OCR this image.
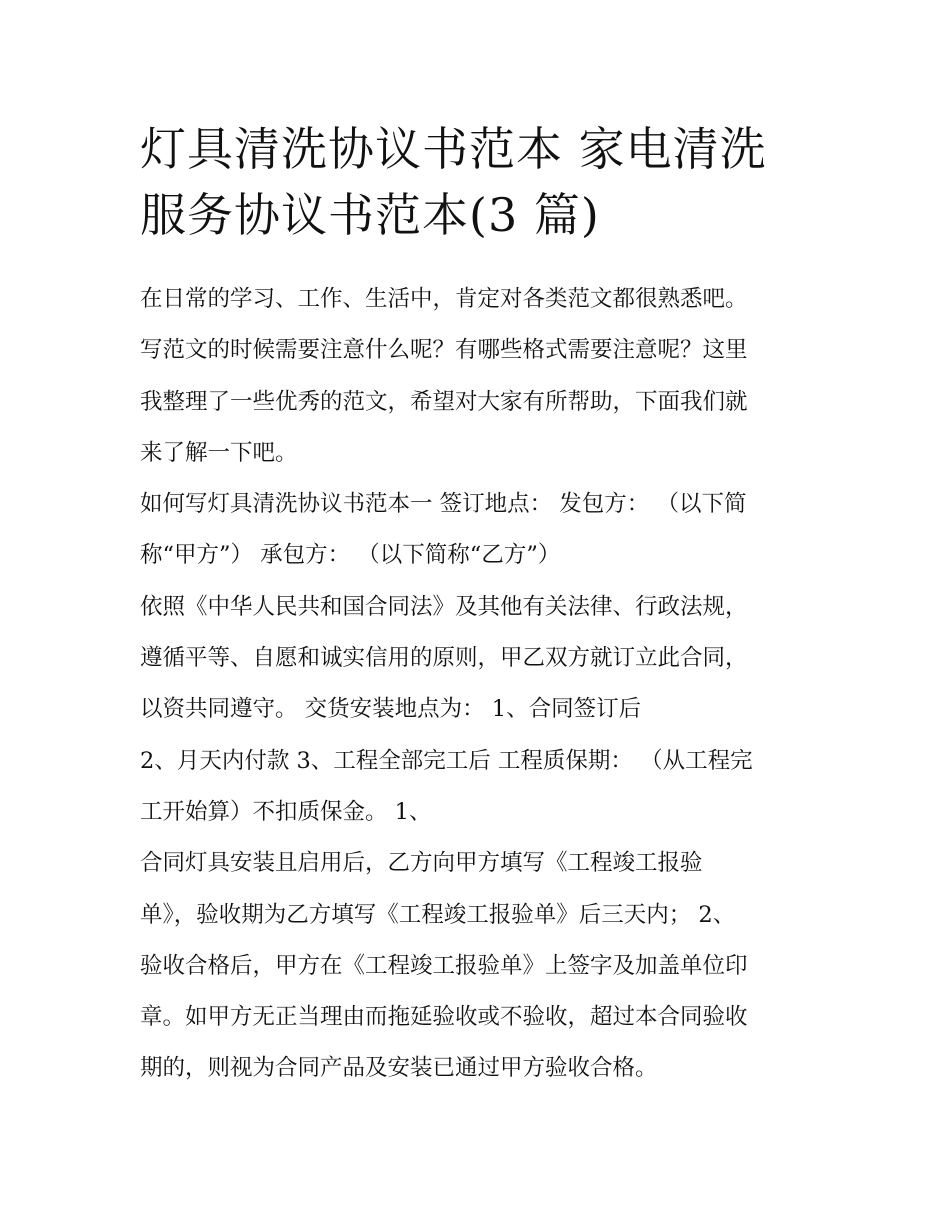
灯具清洗协议书范本 家电清洗
服务协议书范本(3 篇)
在日常的学习、工作、生活中，肯定对各类范文都很熟悉吧。
写范文的时候需要注意什么呢？有哪些格式需要注意呢？这里
我整理了一些优秀的范文，希望对大家有所帮助，下面我们就
来了解一下吧。
如何写灯具清洗协议书范本一 签订地点： 发包方： （以下简
称“甲方”） 承包方： （以下简称“乙方”）
依照《中华人民共和国合同法》及其他有关法律、行政法规，
遵循平等、自愿和诚实信用的原则，甲乙双方就订立此合同，
以资共同遵守。 交货安装地点为： 1、合同签订后
2、月天内付款 3、工程全部完工后 工程质保期： （从工程完
工开始算）不扣质保金。 1、
合同灯具安装且启用后，乙方向甲方填写《工程竣工报验
单》，验收期为乙方填写《工程竣工报验单》后三天内； 2、
验收合格后，甲方在《工程竣工报验单》上签字及加盖单位印
章。如甲方无正当理由而拖延验收或不验收，超过本合同验收
期的，则视为合同产品及安装已通过甲方验收合格。
